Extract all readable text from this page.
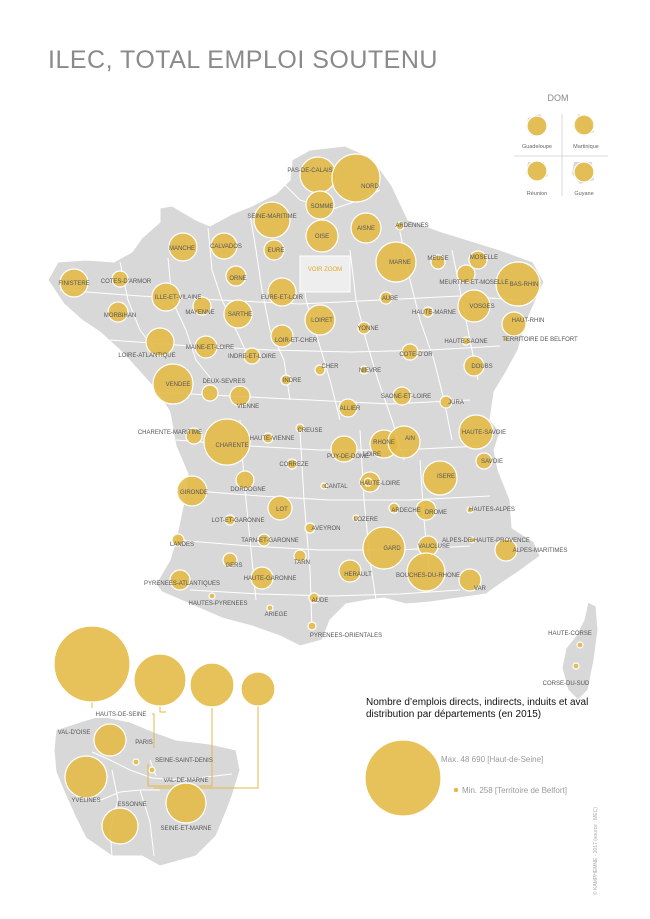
ILEC, TOTAL EMPLOI SOUTENU
VOIR ZOOM
DOM
Guadeloupe	Martinique
Réunion	Guyane
PAS-DE-CALAIS
NORD
SOMME
AISNE	ARDENNES
SEINE-MARITIME
OISE
EURE
CALVADOS
MANCHE
MARNE
MEUSE	MOSELLE
MEURTHE-ET-MOSELLE BAS-RHIN
FINISTERE COTES-D'ARMOR
MORBIHAN
ILLE-ET-VILAINE
MAYENNE
ORNE
SARTHE
EURE-ET-LOIR
LOIRET
AUBE
HAUTE-MARNE
VOSGES
HAUT-RHIN
TERRITOIRE DE BELFORT
HAUTE-SAONE
LOIRE-ATLANTIQUE
MAINE-ET-LOIRE
INDRE-ET-LOIRE
LOIR-ET-CHER
YONNE
COTE-D'OR
DOUBS
VENDEE DEUX-SEVRES
VIENNE
INDRE
CHER
NIEVRE
SAONE-ET-LOIRE
JURA
CHARENTE-MARITIME
CHARENTE
HAUTE-VIENNE
CREUSE
ALLIER
RHONE
AIN
HAUTE-SAVOIE
SAVOIE
PUY-DE-DOME
LOIRE
ISERE
CORREZE
CANTAL HAUTE-LOIRE
GIRONDE	DORDOGNE
LOT	ARDECHE DROME	HAUTES-ALPES
LOT-ET-GARONNE
AVEYRON
LOZERE
ALPES-DE-HAUTE-PROVENCE
ALPES-MARITIMES
LANDES
TARN-ET-GARONNE
GARD	VAUCLUSE
GERS	TARN
PYRENEES-ATLANTIQUES
HAUTE-GARONNE
HERAULT	BOUCHES-DU-RHONE
VAR
HAUTES-PYRENEES	AUDE
ARIEGE
PYRENEES-ORIENTALES	HAUTE-CORSE
CORSE-DU-SUD
HAUTS-DE-SEINE
VAL-D'OISE
PARIS
SEINE-SAINT-DENIS
VAL-DE-MARNE
YVELINES
ESSONNE
SEINE-ET-MARNE
Max. 48 690 [Haut-de-Seine]
Min. 258 [Territoire de Belfort]
Nombre d’emplois directs, indirects, induits et aval distribution par départements (en 2015)
© KAMPHEMNE - 2017 (source : MEC)
